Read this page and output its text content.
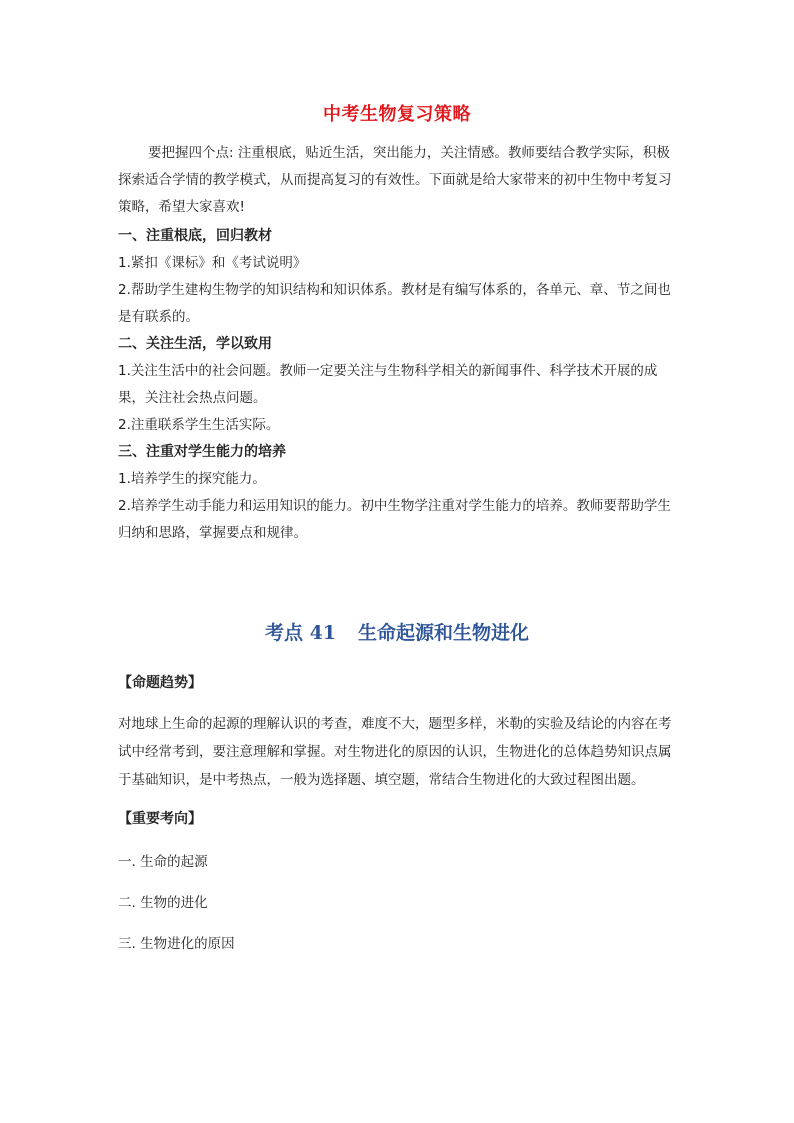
中考生物复习策略
要把握四个点: 注重根底，贴近生活，突出能力，关注情感。教师要结合教学实际，积极探索适合学情的教学模式，从而提高复习的有效性。下面就是给大家带来的初中生物中考复习策略，希望大家喜欢!
一、注重根底，回归教材
1.紧扣《课标》和《考试说明》
2.帮助学生建构生物学的知识结构和知识体系。教材是有编写体系的，各单元、章、节之间也是有联系的。
二、关注生活，学以致用
1.关注生活中的社会问题。教师一定要关注与生物科学相关的新闻事件、科学技术开展的成果，关注社会热点问题。
2.注重联系学生生活实际。
三、注重对学生能力的培养
1.培养学生的探究能力。
2.培养学生动手能力和运用知识的能力。初中生物学注重对学生能力的培养。教师要帮助学生归纳和思路，掌握要点和规律。
考点 41 生命起源和生物进化
【命题趋势】
对地球上生命的起源的理解认识的考查，难度不大，题型多样，米勒的实验及结论的内容在考试中经常考到，要注意理解和掌握。对生物进化的原因的认识，生物进化的总体趋势知识点属于基础知识，是中考热点，一般为选择题、填空题，常结合生物进化的大致过程图出题。
【重要考向】
一. 生命的起源
二. 生物的进化
三. 生物进化的原因
